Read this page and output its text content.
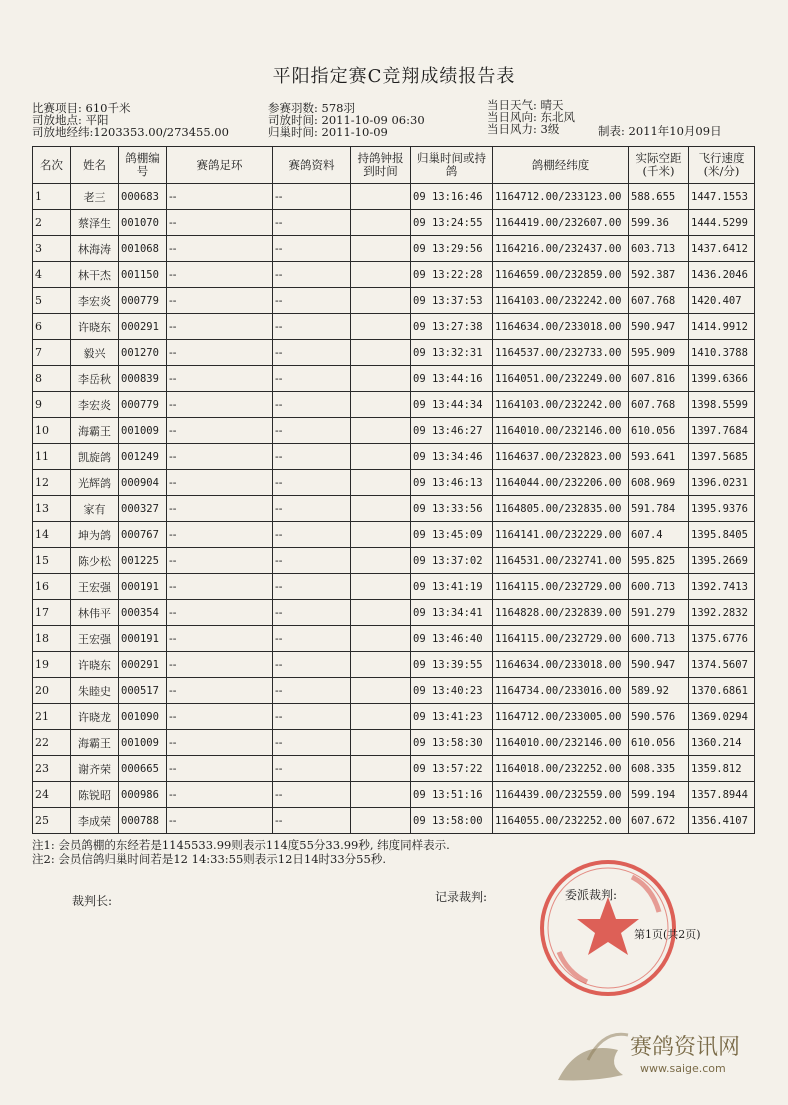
平阳指定赛C竞翔成绩报告表
比赛项目: 610千米
司放地点: 平阳
司放地经纬:1203353.00/273455.00
参赛羽数: 578羽
司放时间: 2011-10-09 06:30
归巢时间: 2011-10-09
当日天气: 晴天
当日风向: 东北风
当日风力: 3级	制表: 2011年10月09日
名次	姓名	鸽棚编号	赛鸽足环	赛鸽资料	持鸽钟报到时间	归巢时间或持鸽	鸽棚经纬度	实际空距(千米)	飞行速度(米/分)
1	老三	000683	--	--		09 13:16:46	1164712.00/233123.00	588.655	1447.1553
2	蔡泽生	001070	--	--		09 13:24:55	1164419.00/232607.00	599.36	1444.5299
3	林海涛	001068	--	--		09 13:29:56	1164216.00/232437.00	603.713	1437.6412
4	林干杰	001150	--	--		09 13:22:28	1164659.00/232859.00	592.387	1436.2046
5	李宏炎	000779	--	--		09 13:37:53	1164103.00/232242.00	607.768	1420.407
6	许晓东	000291	--	--		09 13:27:38	1164634.00/233018.00	590.947	1414.9912
7	毅兴	001270	--	--		09 13:32:31	1164537.00/232733.00	595.909	1410.3788
8	李岳秋	000839	--	--		09 13:44:16	1164051.00/232249.00	607.816	1399.6366
9	李宏炎	000779	--	--		09 13:44:34	1164103.00/232242.00	607.768	1398.5599
10	海霸王	001009	--	--		09 13:46:27	1164010.00/232146.00	610.056	1397.7684
11	凯旋鸽	001249	--	--		09 13:34:46	1164637.00/232823.00	593.641	1397.5685
12	光辉鸽	000904	--	--		09 13:46:13	1164044.00/232206.00	608.969	1396.0231
13	家有	000327	--	--		09 13:33:56	1164805.00/232835.00	591.784	1395.9376
14	坤为鸽	000767	--	--		09 13:45:09	1164141.00/232229.00	607.4	1395.8405
15	陈少松	001225	--	--		09 13:37:02	1164531.00/232741.00	595.825	1395.2669
16	王宏强	000191	--	--		09 13:41:19	1164115.00/232729.00	600.713	1392.7413
17	林伟平	000354	--	--		09 13:34:41	1164828.00/232839.00	591.279	1392.2832
18	王宏强	000191	--	--		09 13:46:40	1164115.00/232729.00	600.713	1375.6776
19	许晓东	000291	--	--		09 13:39:55	1164634.00/233018.00	590.947	1374.5607
20	朱睦史	000517	--	--		09 13:40:23	1164734.00/233016.00	589.92	1370.6861
21	许晓龙	001090	--	--		09 13:41:23	1164712.00/233005.00	590.576	1369.0294
22	海霸王	001009	--	--		09 13:58:30	1164010.00/232146.00	610.056	1360.214
23	谢齐荣	000665	--	--		09 13:57:22	1164018.00/232252.00	608.335	1359.812
24	陈锐昭	000986	--	--		09 13:51:16	1164439.00/232559.00	599.194	1357.8944
25	李成荣	000788	--	--		09 13:58:00	1164055.00/232252.00	607.672	1356.4107
注1: 会员鸽棚的东经若是1145533.99则表示114度55分33.99秒, 纬度同样表示.
注2: 会员信鸽归巢时间若是12 14:33:55则表示12日14时33分55秒.
裁判长:	记录裁判:	委派裁判:
第1页(共2页)
赛鸽资讯网
www.saige.com
